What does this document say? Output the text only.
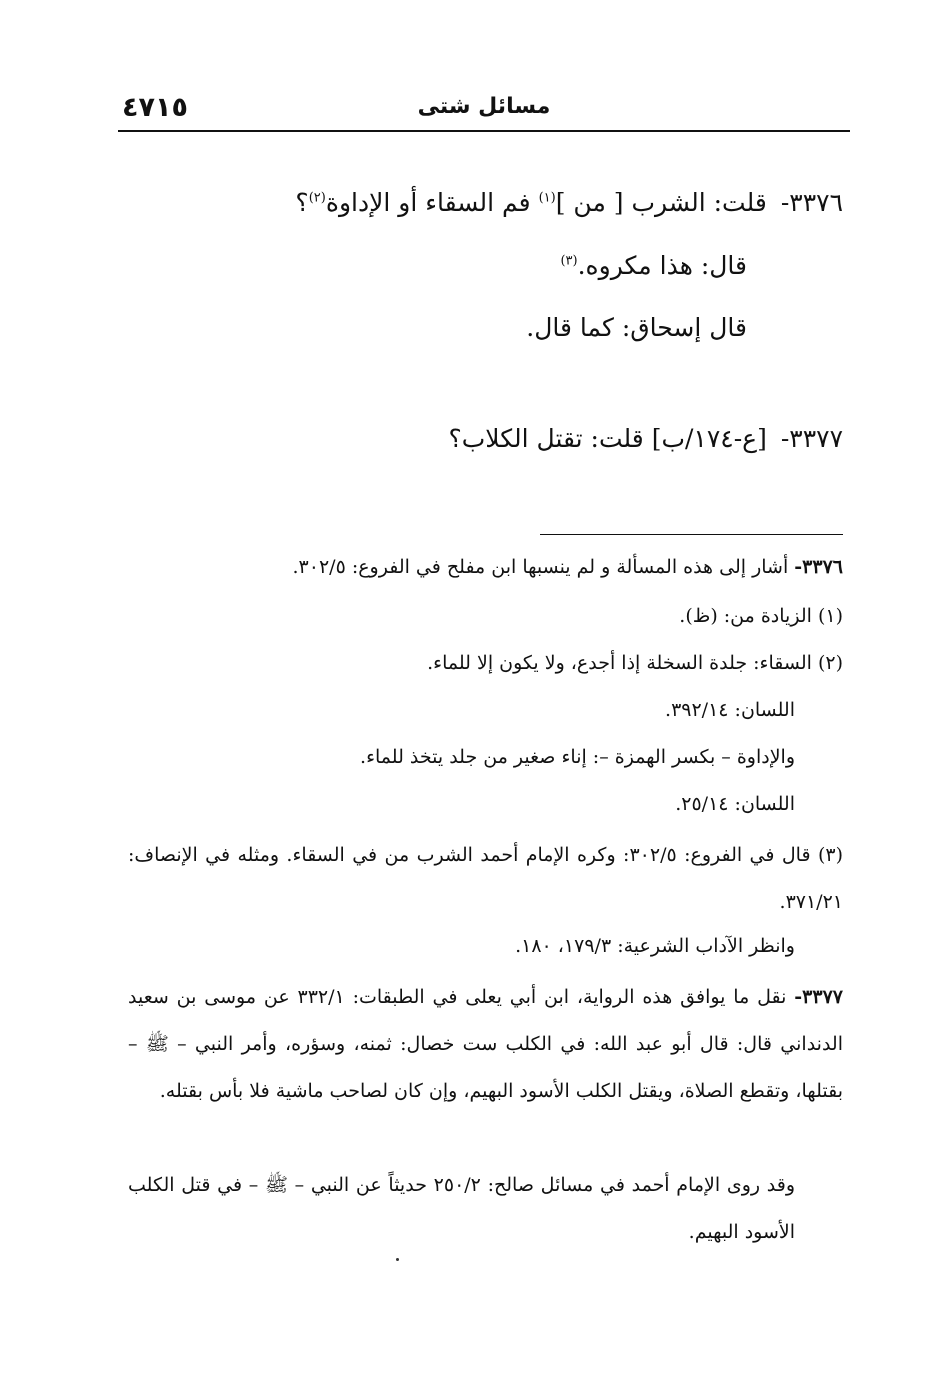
٤٧١٥	مسائل شتى
٣٣٧٦-قلت: الشرب [ من ]$^{(١)}$ فم السقاء أو الإداوة$^{(٢)}$؟
قال: هذا مكروه.$^{(٣)}$
قال إسحاق: كما قال.
٣٣٧٧-[ع-١٧٤/ب] قلت: تقتل الكلاب؟
٣٣٧٦- أشار إلى هذه المسألة و لم ينسبها ابن مفلح في الفروع: ٣٠٢/٥.
(١) الزيادة من: (ظ).
(٢) السقاء: جلدة السخلة إذا أجدع، ولا يكون إلا للماء.
اللسان: ٣٩٢/١٤.
والإداوة – بكسر الهمزة –: إناء صغير من جلد يتخذ للماء.
اللسان: ٢٥/١٤.
(٣) قال في الفروع: ٣٠٢/٥: وكره الإمام أحمد الشرب من في السقاء. ومثله في الإنصاف: ٣٧١/٢١.
وانظر الآداب الشرعية: ١٧٩/٣، ١٨٠.
٣٣٧٧- نقل ما يوافق هذه الرواية، ابن أبي يعلى في الطبقات: ٣٣٢/١ عن موسى بن سعيد الدنداني قال: قال أبو عبد الله: في الكلب ست خصال: ثمنه، وسؤره، وأمر النبي – ﷺ – بقتلها، وتقطع الصلاة، ويقتل الكلب الأسود البهيم، وإن كان لصاحب ماشية فلا بأس بقتله.
وقد روى الإمام أحمد في مسائل صالح: ٢٥٠/٢ حديثاً عن النبي – ﷺ – في قتل الكلب الأسود البهيم.
